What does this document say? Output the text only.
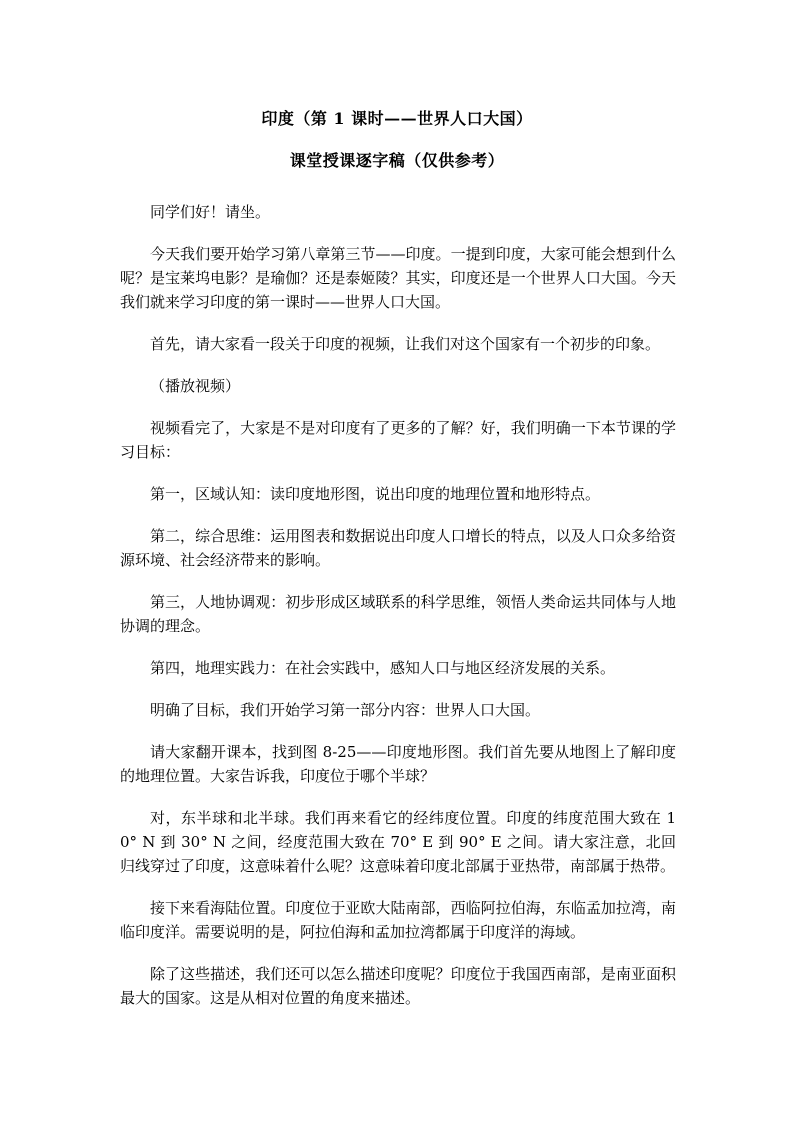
印度（第 1 课时——世界人口大国）
课堂授课逐字稿（仅供参考）

同学们好！请坐。

今天我们要开始学习第八章第三节——印度。一提到印度，大家可能会想到什么呢？是宝莱坞电影？是瑜伽？还是泰姬陵？其实，印度还是一个世界人口大国。今天我们就来学习印度的第一课时——世界人口大国。

首先，请大家看一段关于印度的视频，让我们对这个国家有一个初步的印象。

（播放视频）

视频看完了，大家是不是对印度有了更多的了解？好，我们明确一下本节课的学习目标：

第一，区域认知：读印度地形图，说出印度的地理位置和地形特点。

第二，综合思维：运用图表和数据说出印度人口增长的特点，以及人口众多给资源环境、社会经济带来的影响。

第三，人地协调观：初步形成区域联系的科学思维，领悟人类命运共同体与人地协调的理念。

第四，地理实践力：在社会实践中，感知人口与地区经济发展的关系。

明确了目标，我们开始学习第一部分内容：世界人口大国。

请大家翻开课本，找到图 8-25——印度地形图。我们首先要从地图上了解印度的地理位置。大家告诉我，印度位于哪个半球？

对，东半球和北半球。我们再来看它的经纬度位置。印度的纬度范围大致在 10° N 到 30° N 之间，经度范围大致在 70° E 到 90° E 之间。请大家注意，北回归线穿过了印度，这意味着什么呢？这意味着印度北部属于亚热带，南部属于热带。

接下来看海陆位置。印度位于亚欧大陆南部，西临阿拉伯海，东临孟加拉湾，南临印度洋。需要说明的是，阿拉伯海和孟加拉湾都属于印度洋的海域。

除了这些描述，我们还可以怎么描述印度呢？印度位于我国西南部，是南亚面积最大的国家。这是从相对位置的角度来描述。
